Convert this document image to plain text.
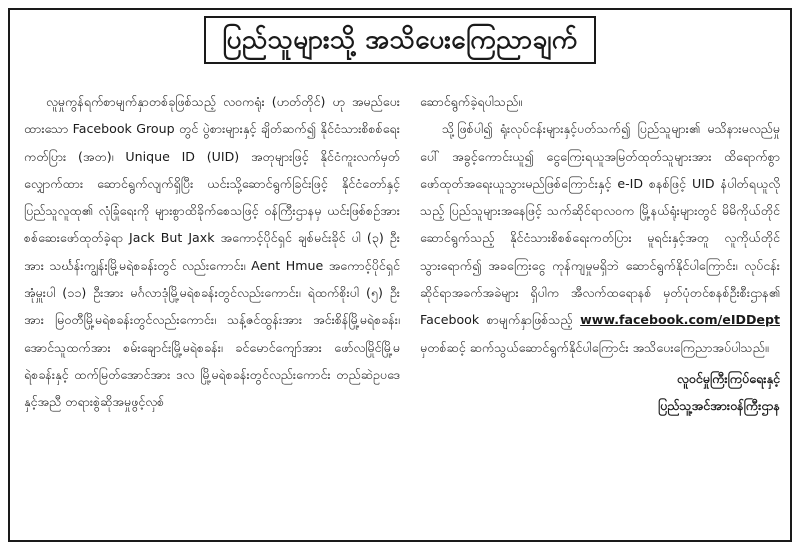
ပြည်သူများသို့ အသိပေးကြေညာချက်

လူမှုကွန်ရက်စာမျက်နှာတစ်ခုဖြစ်သည့် လဝကရုံး (ဟတ်တိုင်) ဟု အမည်ပေးထားသော Facebook Group တွင် ပွဲစားများနှင့် ချိတ်ဆက်၍ နိုင်ငံသားစိစစ်ရေးကတ်ပြား (အတ)၊ Unique ID (UID) အတုများဖြင့် နိုင်ငံကူးလက်မှတ် လျှောက်ထား ဆောင်ရွက်လျက်ရှိပြီး ယင်းသို့ဆောင်ရွက်ခြင်းဖြင့် နိုင်ငံတော်နှင့် ပြည်သူလူထု၏ လုံခြုံရေးကို များစွာထိခိုက်စေသဖြင့် ဝန်ကြီးဌာနမှ ယင်းဖြစ်စဉ်အား စစ်ဆေးဖော်ထုတ်ခဲ့ရာ Jack But Jaxk အကောင့်ပိုင်ရှင် ချစ်မင်းခိုင် ပါ (၃) ဦးအား သင်္ဃန်းကျွန်းမြို့မရဲစခန်းတွင် လည်းကောင်း၊ Aent Hmue အကောင့်ပိုင်ရှင် အုံမှူးပါ (၁၁) ဦးအား မင်္ဂလာဒုံမြို့မရဲစခန်းတွင်လည်းကောင်း၊ ရဲထက်စိုးပါ (၅) ဦးအား မြဝတီမြို့မရဲစခန်းတွင်လည်းကောင်း၊ သန့်ဇင်ထွန်းအား အင်းစိန်မြို့မရဲစခန်း၊ အောင်သူထက်အား စမ်းချောင်းမြို့မရဲစခန်း၊ ခင်မောင်ကျော်အား ဖော်လမြိုင်မြို့မရဲစခန်းနှင့် ထက်မြတ်အောင်အား ဒလ မြို့မရဲစခန်းတွင်လည်းကောင်း တည်ဆဲဥပဒေနှင့်အညီ တရားစွဲဆိုအမှုဖွင့်လှစ်

ဆောင်ရွက်ခဲ့ရပါသည်။

သို့ဖြစ်ပါ၍ ရုံးလုပ်ငန်းများနှင့်ပတ်သက်၍ ပြည်သူများ၏ မသိနားမလည်မှုပေါ် အခွင့်ကောင်းယူ၍ ငွေကြေးရယူအမြတ်ထုတ်သူများအား ထိရောက်စွာ ဖော်ထုတ်အရေးယူသွားမည်ဖြစ်ကြောင်းနှင့် e-ID စနစ်ဖြင့် UID နံပါတ်ရယူလိုသည့် ပြည်သူများအနေဖြင့် သက်ဆိုင်ရာလဝက မြို့နယ်ရုံးများတွင် မိမိကိုယ်တိုင်ဆောင်ရွက်သည့် နိုင်ငံသားစိစစ်ရေးကတ်ပြား မူရင်းနှင့်အတူ လူကိုယ်တိုင်သွားရောက်၍ အခကြေးငွေ ကုန်ကျမှုမရှိဘဲ ဆောင်ရွက်နိုင်ပါကြောင်း၊ လုပ်ငန်းဆိုင်ရာအခက်အခဲများ ရှိပါက အီလက်ထရောနစ် မှတ်ပုံတင်စနစ်ဦးစီးဌာန၏ Facebook စာမျက်နှာဖြစ်သည့် www.facebook.com/eIDDept မှတစ်ဆင့် ဆက်သွယ်ဆောင်ရွက်နိုင်ပါကြောင်း အသိပေးကြေညာအပ်ပါသည်။

လူဝင်မှုကြီးကြပ်ရေးနှင့်
ပြည်သူ့အင်အားဝန်ကြီးဌာန
